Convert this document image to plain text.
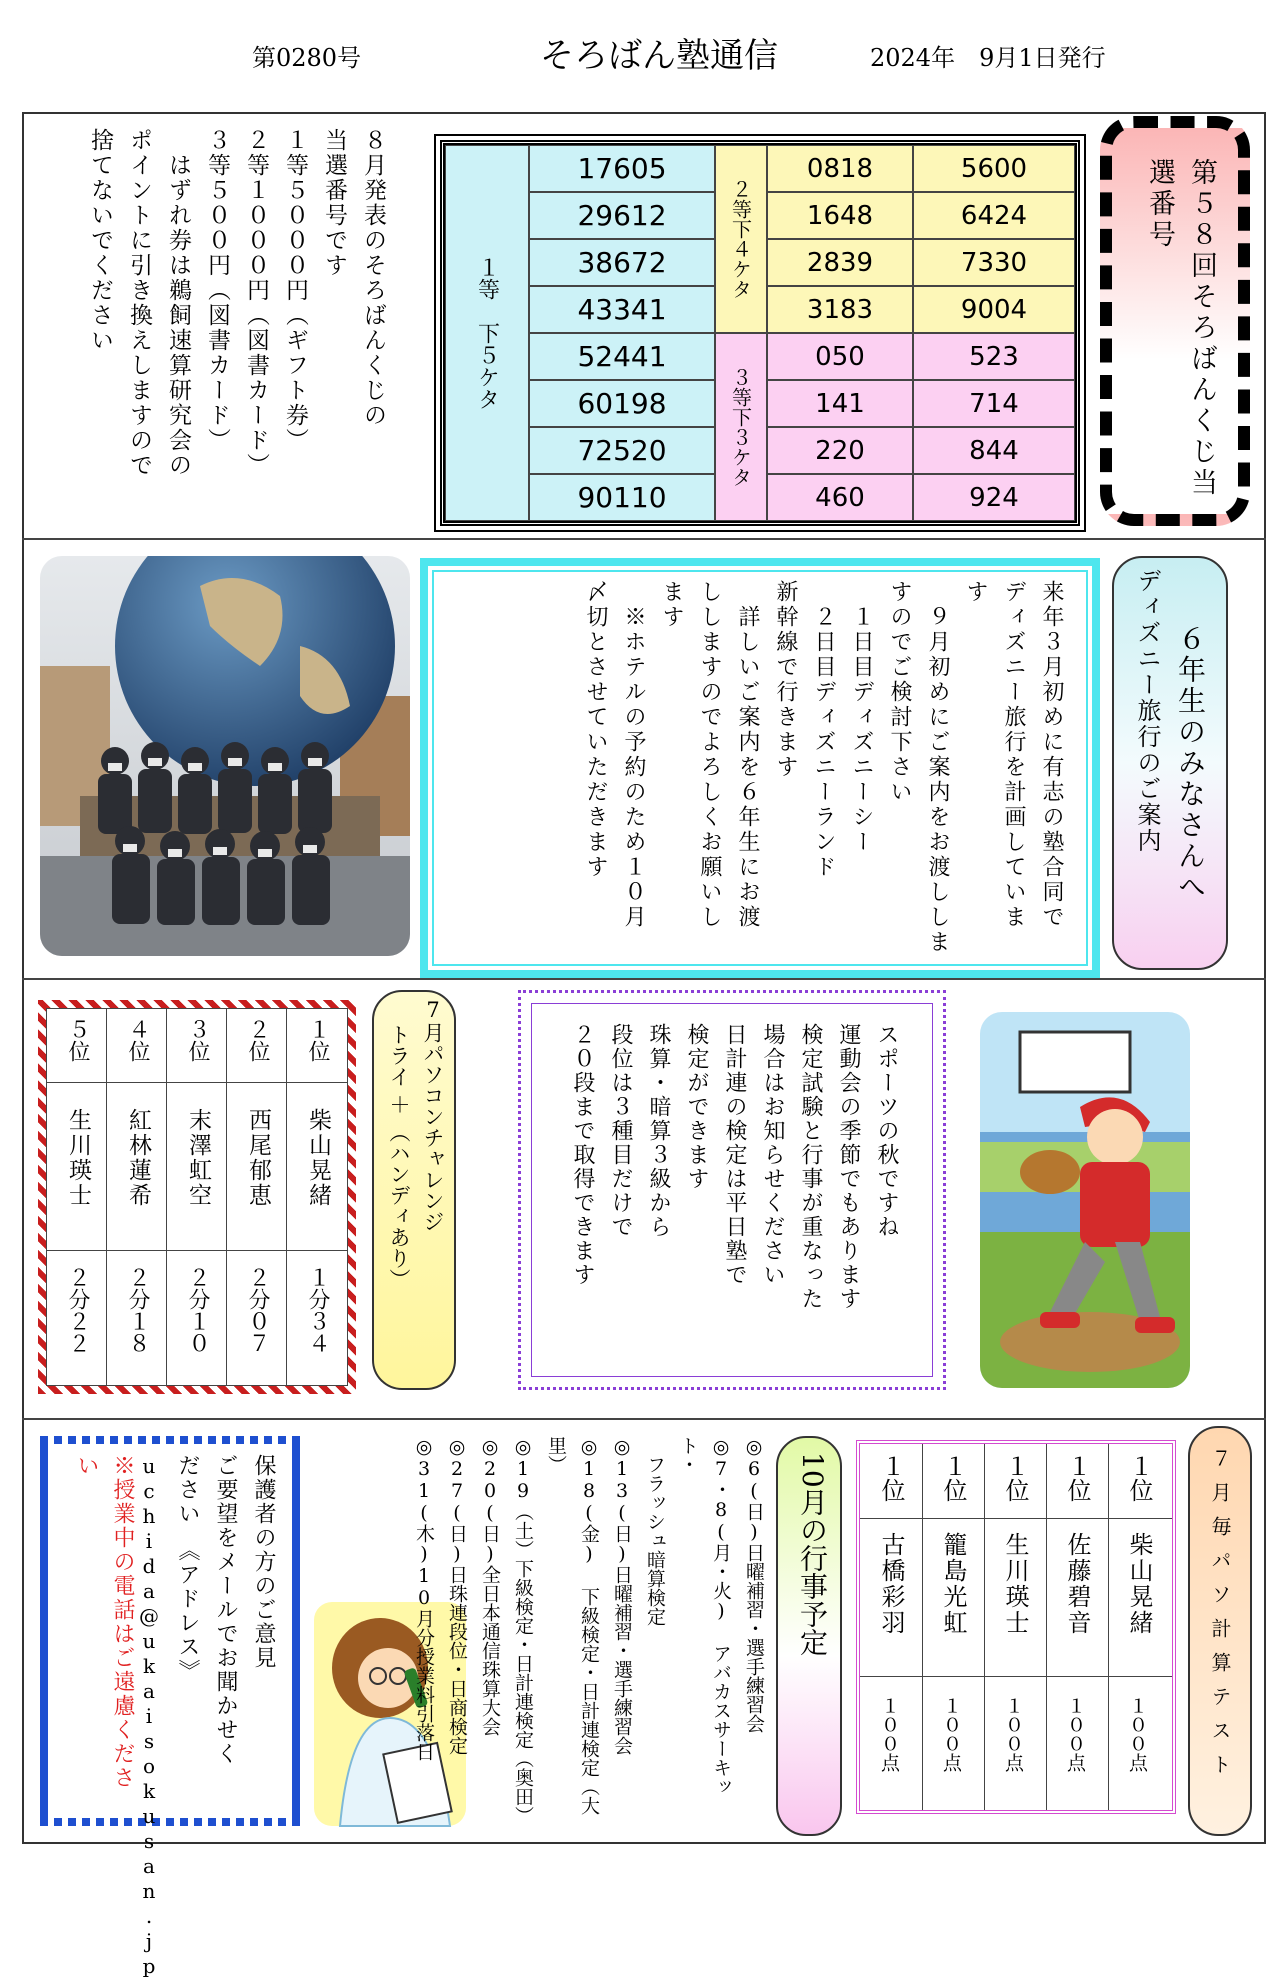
第0280号	そろばん塾通信	2024年　9月1日発行
８月発表のそろばんくじの
当選番号です
１等５０００円（ギフト券）
２等１０００円（図書カード）
３等５００円（図書カード）
　はずれ券は鵜飼速算研究会の
ポイントに引き換えしますので
捨てないでください	１等　下５ケタ
17605
29612
38672
43341
52441
60198
72520
90110
２等下４ケタ
0818	5600
1648	6424
2839	7330
3183	9004
３等下３ケタ
050	523
141	714
220	844
460	924	第５８回そろばんくじ当選番号
来年３月初めに有志の塾合同で
ディズニー旅行を計画していま
す
　９月初めにご案内をお渡ししま
すのでご検討下さい
　１日目ディズニーシー
　２日目ディズニーランド
新幹線で行きます
　詳しいご案内を６年生にお渡
ししますのでよろしくお願いし
ます
　※ホテルの予約のため１０月
〆切とさせていただきます	６年生のみなさんへ
ディズニー旅行のご案内
１位
柴山晃緒
１分３４
２位
西尾郁恵
２分０７
３位
末澤虹空
２分１０
４位
紅林蓮希
２分１８
５位
生川瑛士
２分２２
7月パソコンチャレンジ
トライ ＋ （ハンディあり）	スポーツの秋ですね
運動会の季節でもあります
検定試験と行事が重なった
場合はお知らせください
日計連の検定は平日塾で
検定ができます
珠算・暗算３級から
段位は３種目だけで
２０段まで取得できます
保護者の方のご意見
ご要望をメールでお聞かせく
ださい　《アドレス》
uchida@ukaisokusan.jp
※授業中の電話はご遠慮ください	◎6(日)日曜補習・選手練習会
◎7・8(月・火) アバカスサーキット・
　フラッシュ暗算検定
◎13(日)日曜補習・選手練習会
◎18(金) 下級検定・日計連検定（大里）
◎19（土）下級検定・日計連検定（奥田）
◎20(日)全日本通信珠算大会
◎27(日)日珠連段位・日商検定
◎31(木)10月分授業料引落日	10月の行事予定	１位
柴山晃緒
１００点
１位
佐藤碧音
１００点
１位
生川瑛士
１００点
１位
籠島光虹
１００点
１位
古橋彩羽
１００点	７月毎パソ計算テスト
